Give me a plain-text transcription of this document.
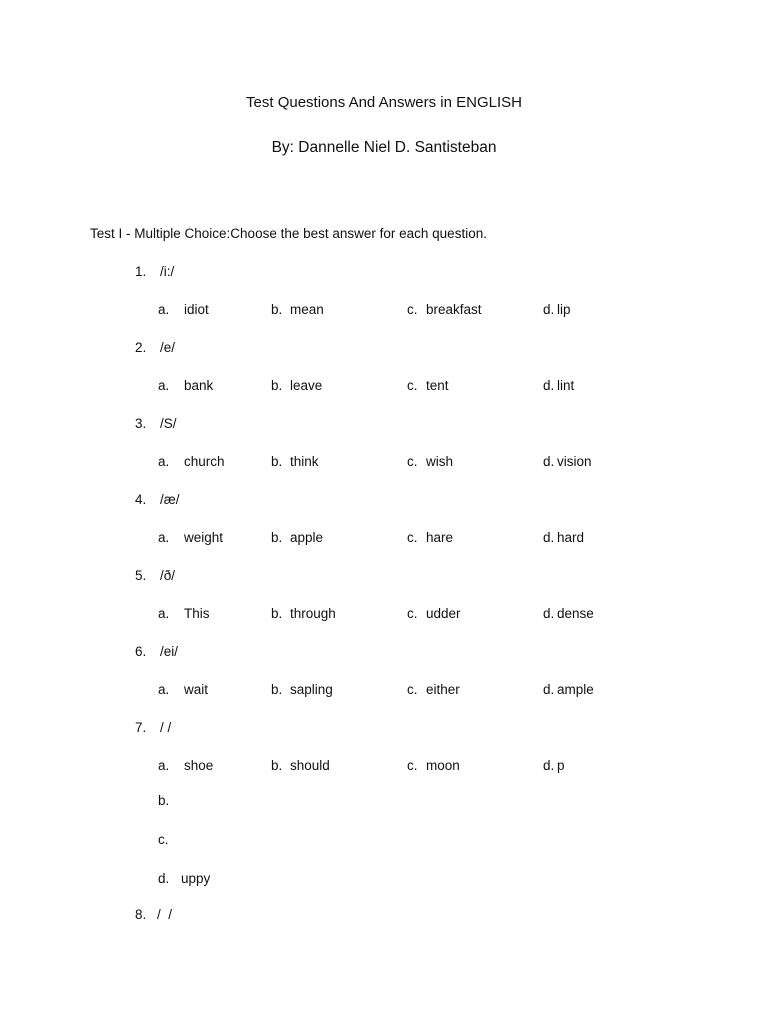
Test Questions And Answers in ENGLISH
By: Dannelle Niel D. Santisteban
Test I - Multiple Choice:Choose the best answer for each question.
1.	/i:/
a. idiot	b. mean	c. breakfast	d. lip
2.	/e/
a. bank	b. leave	c. tent	d. lint
3.	/S/
a. church	b. think	c. wish	d. vision
4.	/æ/
a. weight	b. apple	c. hare	d. hard
5.	/ð/
a. This	b. through	c. udder	d. dense
6.	/ei/
a. wait	b. sapling	c. either	d. ample
7.	/ /
a. shoe	b. should	c. moon	d. p
b.
c.
d. uppy
8. /  /
